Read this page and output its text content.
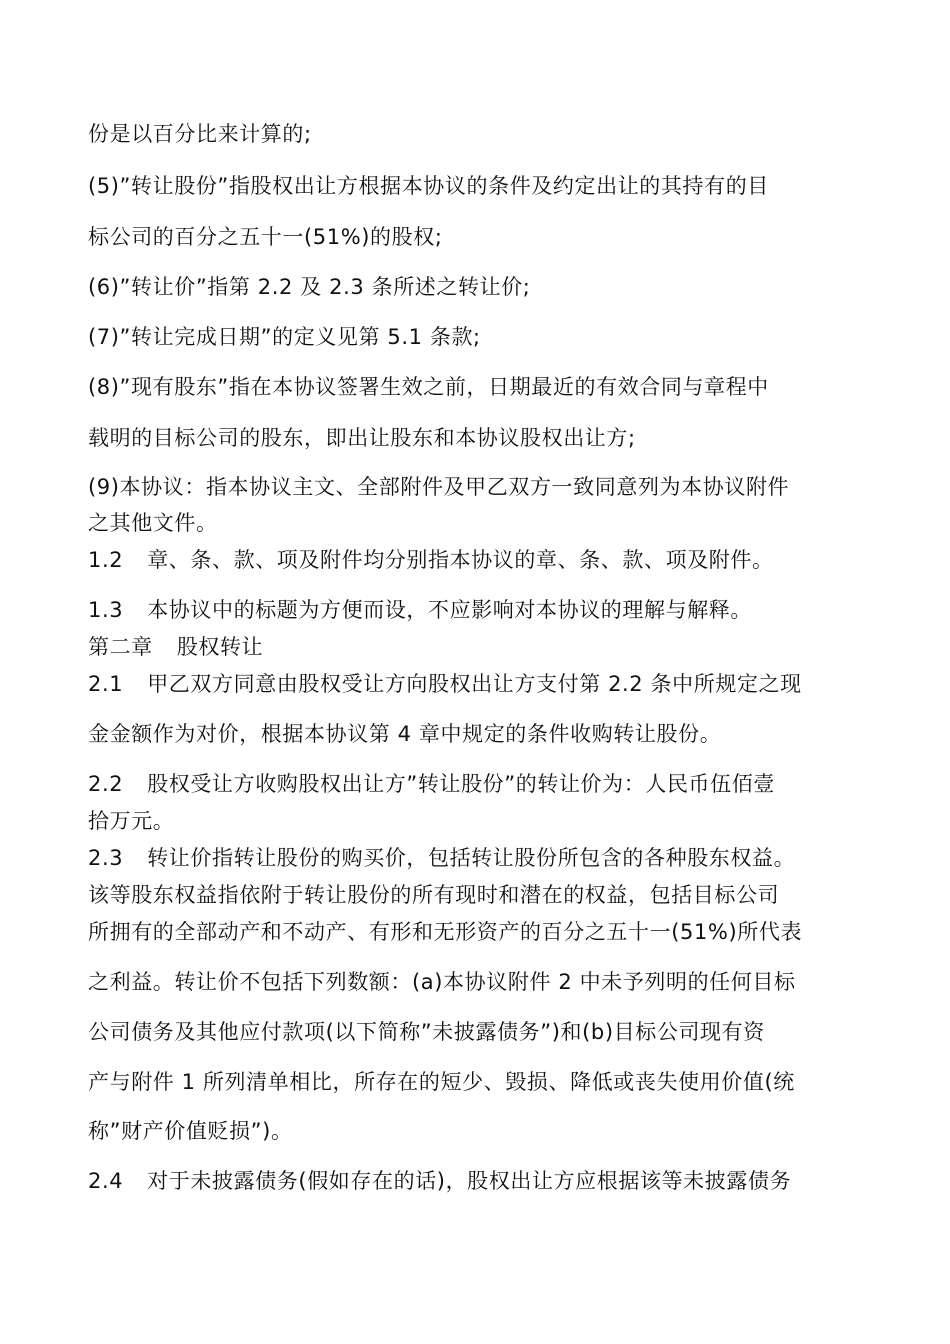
份是以百分比来计算的;
(5)”转让股份”指股权出让方根据本协议的条件及约定出让的其持有的目
标公司的百分之五十一(51%)的股权;
(6)”转让价”指第 2.2 及 2.3 条所述之转让价;
(7)”转让完成日期”的定义见第 5.1 条款;
(8)”现有股东”指在本协议签署生效之前，日期最近的有效合同与章程中
载明的目标公司的股东，即出让股东和本协议股权出让方;
(9)本协议：指本协议主文、全部附件及甲乙双方一致同意列为本协议附件
之其他文件。
1.2 章、条、款、项及附件均分别指本协议的章、条、款、项及附件。
1.3 本协议中的标题为方便而设，不应影响对本协议的理解与解释。
第二章 股权转让
2.1 甲乙双方同意由股权受让方向股权出让方支付第 2.2 条中所规定之现
金金额作为对价，根据本协议第 4 章中规定的条件收购转让股份。
2.2 股权受让方收购股权出让方”转让股份”的转让价为：人民币伍佰壹
拾万元。
2.3 转让价指转让股份的购买价，包括转让股份所包含的各种股东权益。
该等股东权益指依附于转让股份的所有现时和潜在的权益，包括目标公司
所拥有的全部动产和不动产、有形和无形资产的百分之五十一(51%)所代表
之利益。转让价不包括下列数额：(a)本协议附件 2 中未予列明的任何目标
公司债务及其他应付款项(以下简称”未披露债务”)和(b)目标公司现有资
产与附件 1 所列清单相比，所存在的短少、毁损、降低或丧失使用价值(统
称”财产价值贬损”)。
2.4 对于未披露债务(假如存在的话)，股权出让方应根据该等未披露债务
